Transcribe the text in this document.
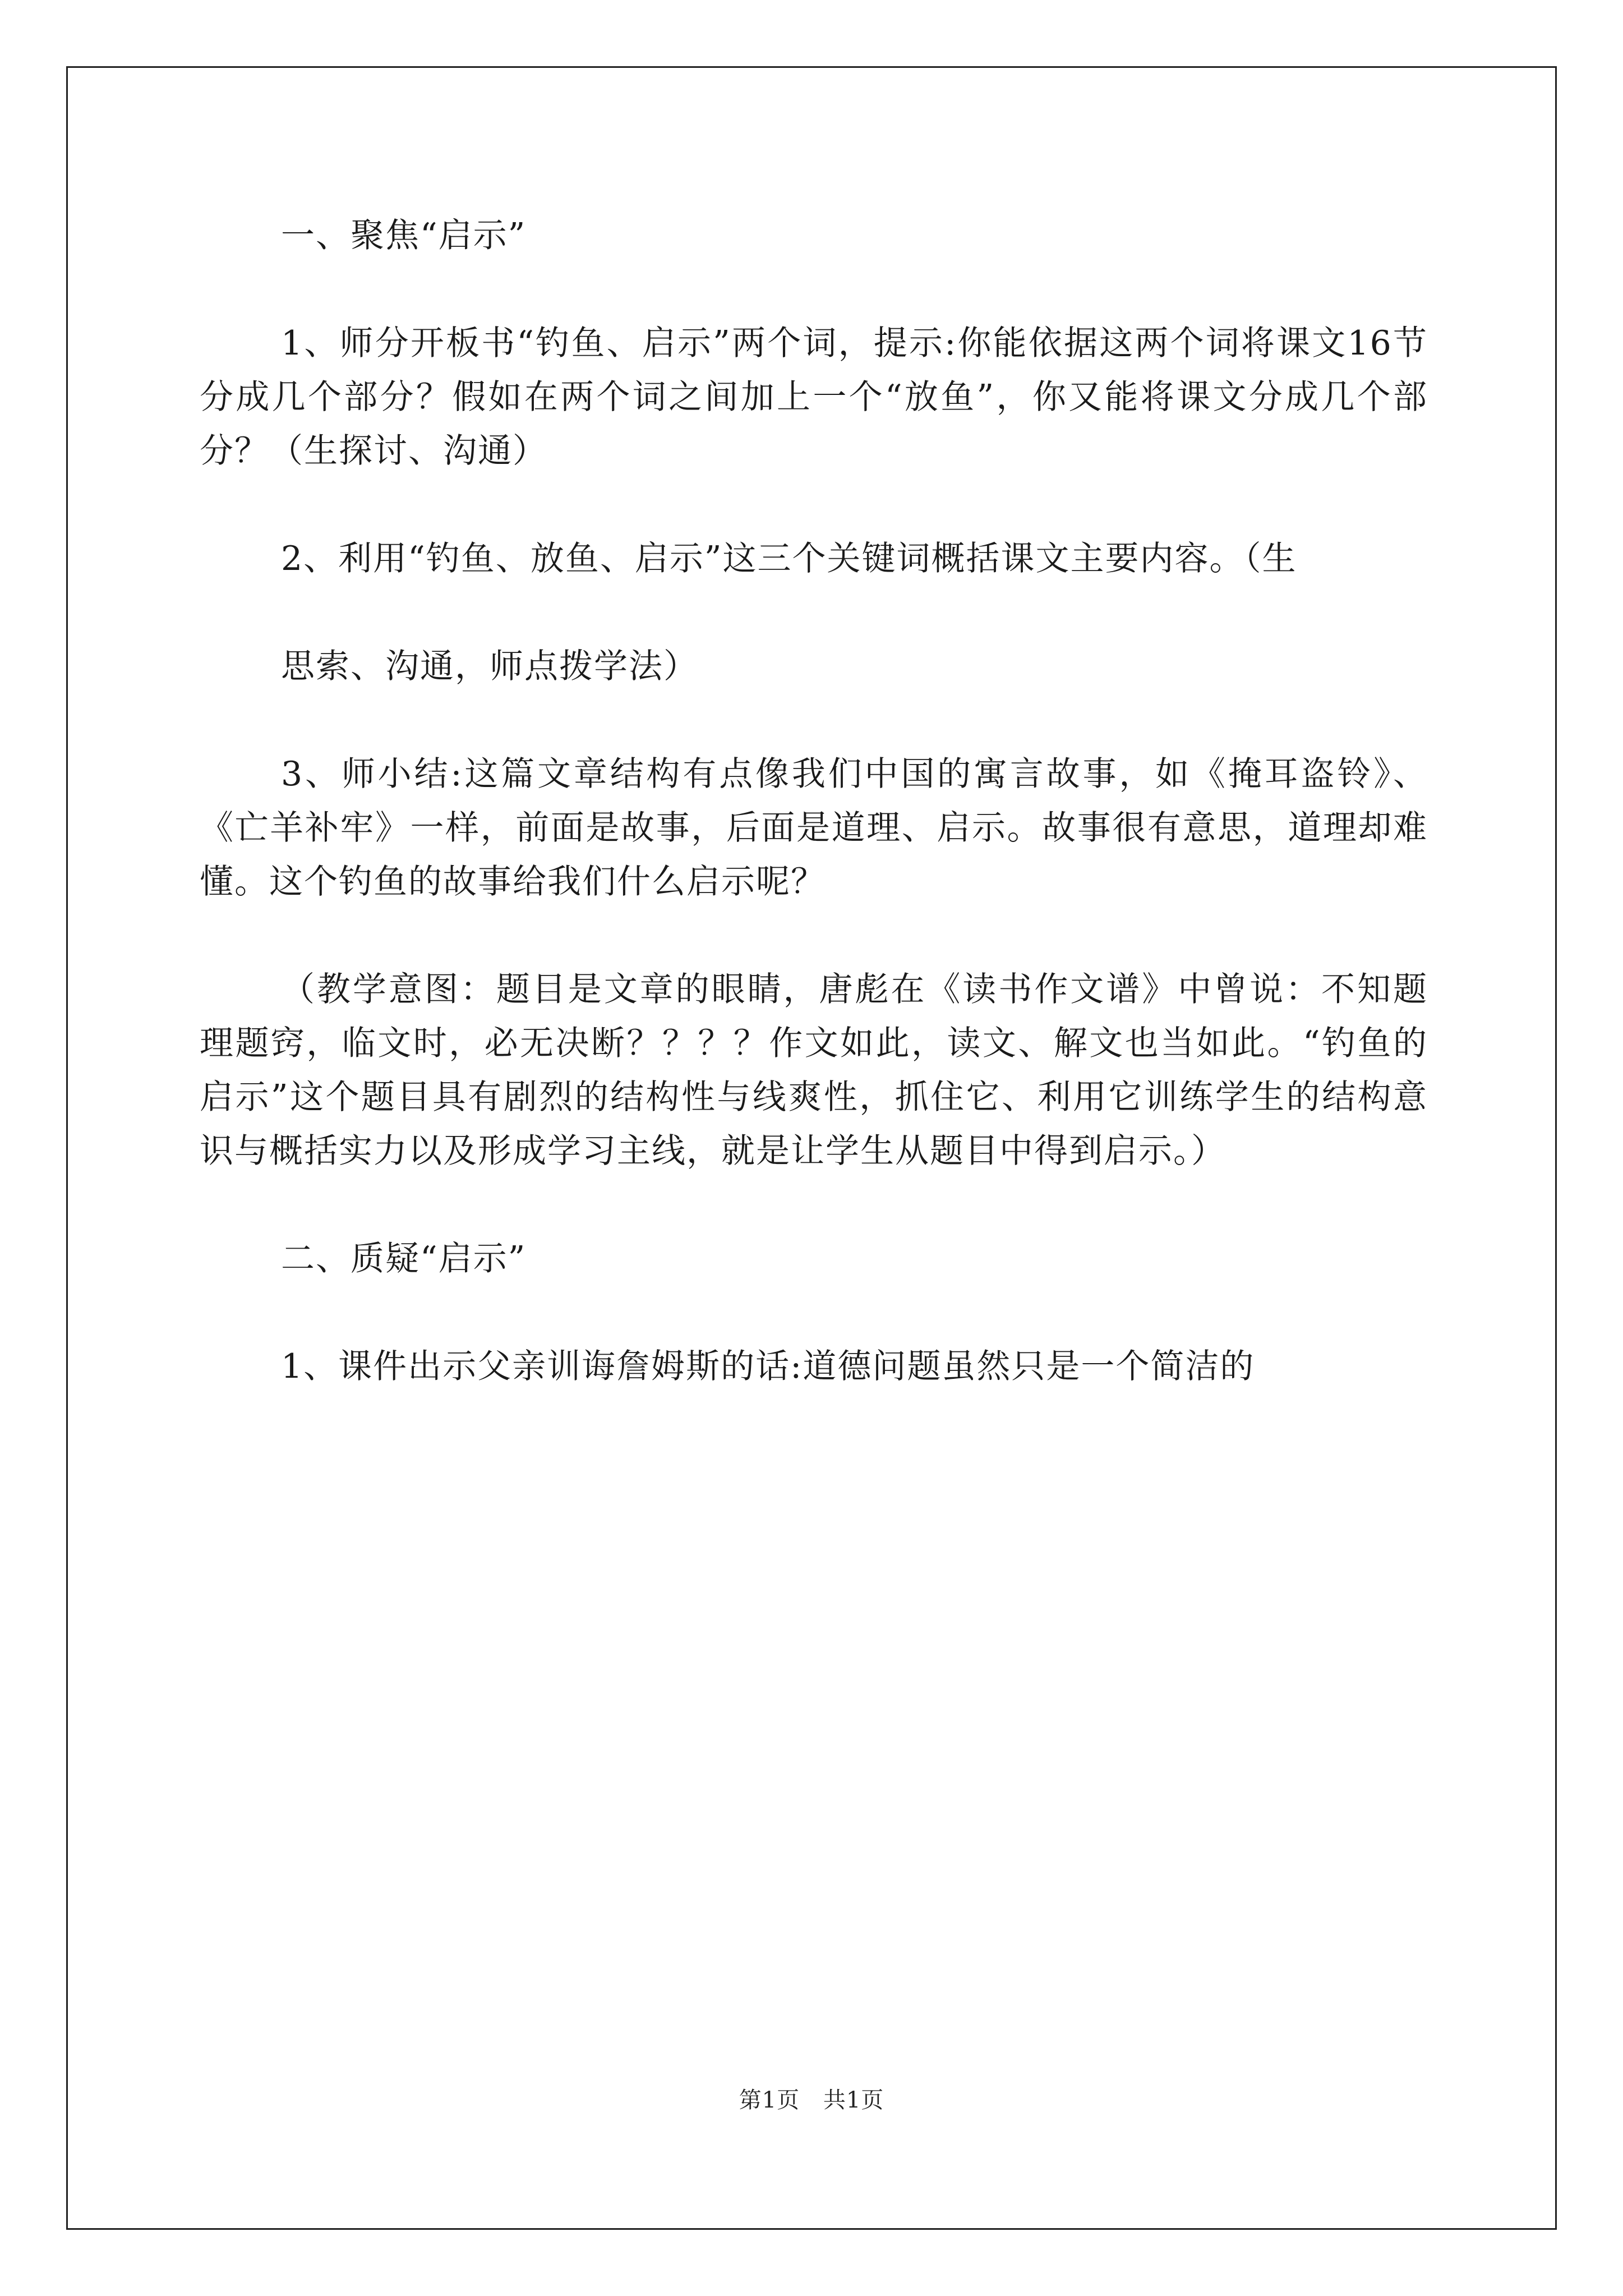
一、聚焦“启示”

1、师分开板书“钓鱼、启示”两个词，提示:你能依据这两个词将课文16节分成几个部分？假如在两个词之间加上一个“放鱼”，你又能将课文分成几个部分？（生探讨、沟通）

2、利用“钓鱼、放鱼、启示”这三个关键词概括课文主要内容。（生

思索、沟通，师点拨学法）

3、师小结:这篇文章结构有点像我们中国的寓言故事，如《掩耳盗铃》、《亡羊补牢》一样，前面是故事，后面是道理、启示。故事很有意思，道理却难懂。这个钓鱼的故事给我们什么启示呢？

（教学意图：题目是文章的眼睛，唐彪在《读书作文谱》中曾说：不知题理题窍，临文时，必无决断？？？？作文如此，读文、解文也当如此。“钓鱼的启示”这个题目具有剧烈的结构性与线爽性，抓住它、利用它训练学生的结构意识与概括实力以及形成学习主线，就是让学生从题目中得到启示。）

二、质疑“启示”

1、课件出示父亲训诲詹姆斯的话:道德问题虽然只是一个简洁的

第1页 共1页
